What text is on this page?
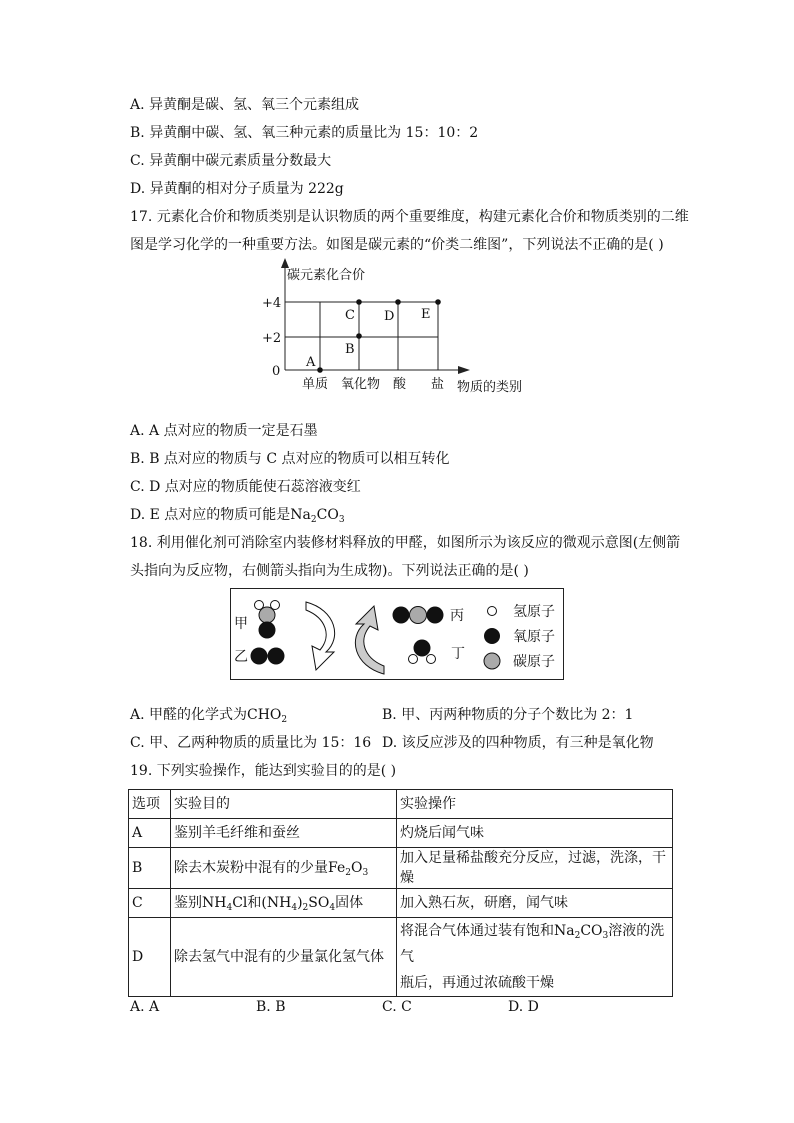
A. 异黄酮是碳、氢、氧三个元素组成
B. 异黄酮中碳、氢、氧三种元素的质量比为 15：10：2
C. 异黄酮中碳元素质量分数最大
D. 异黄酮的相对分子质量为 222g
17. 元素化合价和物质类别是认识物质的两个重要维度，构建元素化合价和物质类别的二维
图是学习化学的一种重要方法。如图是碳元素的“价类二维图”，下列说法不正确的是( )
碳元素化合价
+4
+2
0
单质 氧化物 酸 盐 物质的类别
A
B
C D E
A. A 点对应的物质一定是石墨
B. B 点对应的物质与 C 点对应的物质可以相互转化
C. D 点对应的物质能使石蕊溶液变红
D. E 点对应的物质可能是$Na_2CO_3$
18. 利用催化剂可消除室内装修材料释放的甲醛，如图所示为该反应的微观示意图(左侧箭
头指向为反应物，右侧箭头指向为生成物)。下列说法正确的是( )
甲
乙
丙
丁
氢原子
氧原子
碳原子
A. 甲醛的化学式为$CHO_2$	B. 甲、丙两种物质的分子个数比为 2：1
C. 甲、乙两种物质的质量比为 15：16 D. 该反应涉及的四种物质，有三种是氧化物
19. 下列实验操作，能达到实验目的的是( )
选项	实验目的	实验操作
A	鉴别羊毛纤维和蚕丝	灼烧后闻气味
B	除去木炭粉中混有的少量$Fe_2O_3$	加入足量稀盐酸充分反应，过滤，洗涤，干燥
C	鉴别$NH_4Cl$和$(NH_4)_2SO_4$固体	加入熟石灰，研磨，闻气味
D	除去氢气中混有的少量氯化氢气体	将混合气体通过装有饱和$Na_2CO_3$溶液的洗气
瓶后，再通过浓硫酸干燥
A. A	B. B	C. C	D. D
